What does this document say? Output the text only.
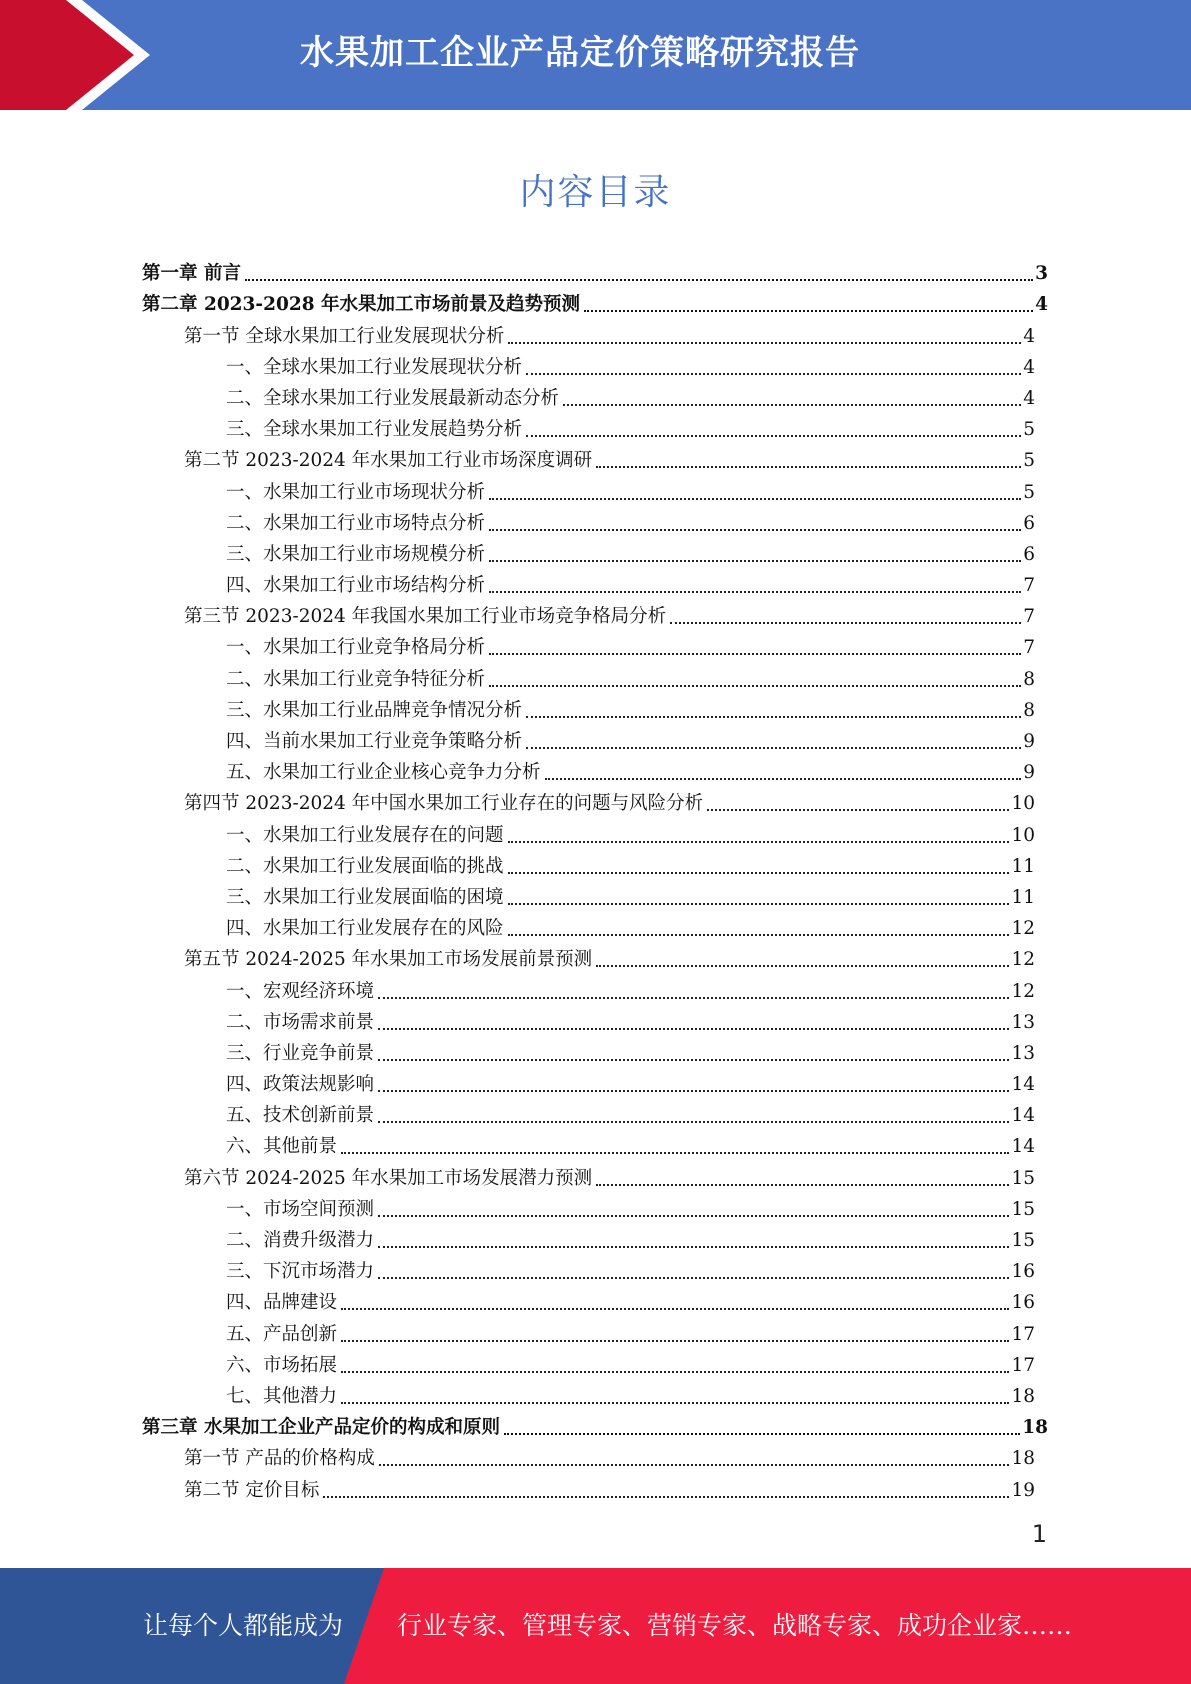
水果加工企业产品定价策略研究报告
内容目录
第一章 前言	3
第二章 2023-2028 年水果加工市场前景及趋势预测	4
第一节 全球水果加工行业发展现状分析	4
一、全球水果加工行业发展现状分析	4
二、全球水果加工行业发展最新动态分析	4
三、全球水果加工行业发展趋势分析	5
第二节 2023-2024 年水果加工行业市场深度调研	5
一、水果加工行业市场现状分析	5
二、水果加工行业市场特点分析	6
三、水果加工行业市场规模分析	6
四、水果加工行业市场结构分析	7
第三节 2023-2024 年我国水果加工行业市场竞争格局分析	7
一、水果加工行业竞争格局分析	7
二、水果加工行业竞争特征分析	8
三、水果加工行业品牌竞争情况分析	8
四、当前水果加工行业竞争策略分析	9
五、水果加工行业企业核心竞争力分析	9
第四节 2023-2024 年中国水果加工行业存在的问题与风险分析	10
一、水果加工行业发展存在的问题	10
二、水果加工行业发展面临的挑战	11
三、水果加工行业发展面临的困境	11
四、水果加工行业发展存在的风险	12
第五节 2024-2025 年水果加工市场发展前景预测	12
一、宏观经济环境	12
二、市场需求前景	13
三、行业竞争前景	13
四、政策法规影响	14
五、技术创新前景	14
六、其他前景	14
第六节 2024-2025 年水果加工市场发展潜力预测	15
一、市场空间预测	15
二、消费升级潜力	15
三、下沉市场潜力	16
四、品牌建设	16
五、产品创新	17
六、市场拓展	17
七、其他潜力	18
第三章 水果加工企业产品定价的构成和原则	18
第一节 产品的价格构成	18
第二节 定价目标	19
1
让每个人都能成为 行业专家、管理专家、营销专家、战略专家、成功企业家……
